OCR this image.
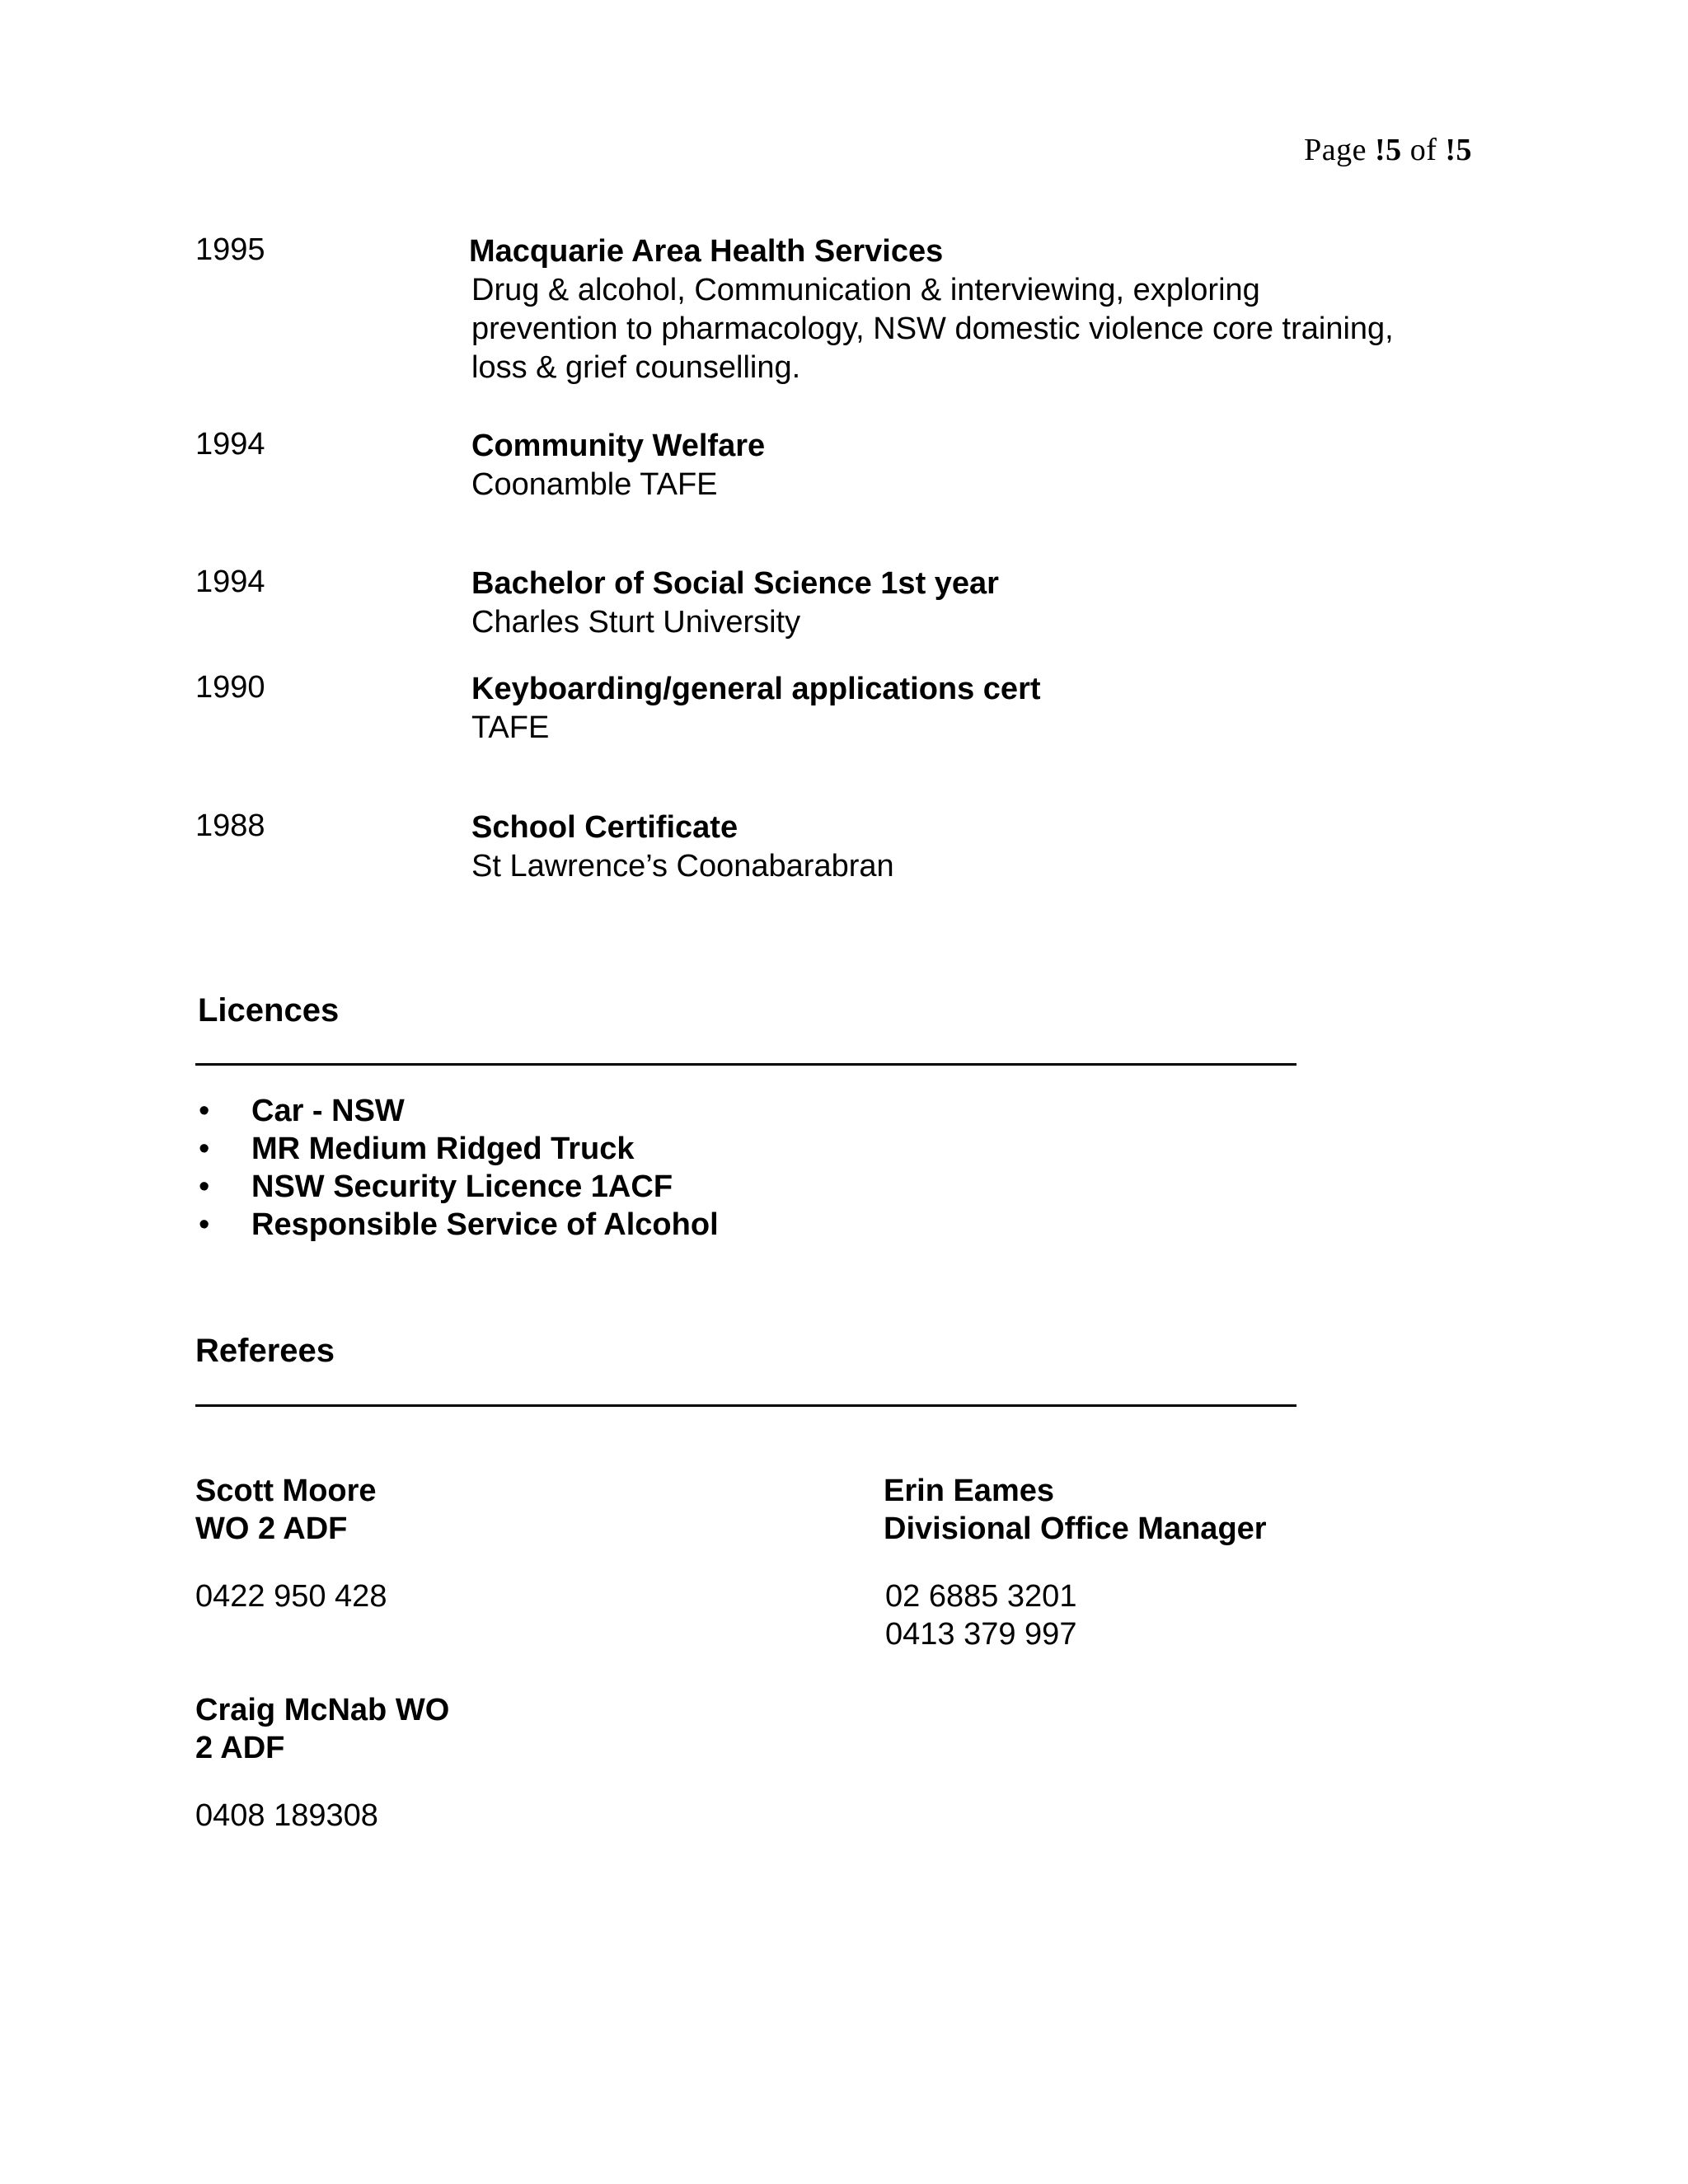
Page !5 of !5
1995	Macquarie Area Health Services

Drug & alcohol, Communication & interviewing, exploring prevention to pharmacology, NSW domestic violence core training, loss & grief counselling.

1994	Community Welfare

Coonamble TAFE

1994	Bachelor of Social Science 1st year

Charles Sturt University

1990	Keyboarding/general applications cert

TAFE

1988	School Certificate

St Lawrence’s Coonabarabran

Licences
• Car - NSW
• MR Medium Ridged Truck
• NSW Security Licence 1ACF
• Responsible Service of Alcohol
Referees

Scott Moore

WO 2 ADF

0422 950 428

Erin Eames

Divisional Office Manager

02 6885 3201

0413 379 997

Craig McNab WO

2 ADF

0408 189308
